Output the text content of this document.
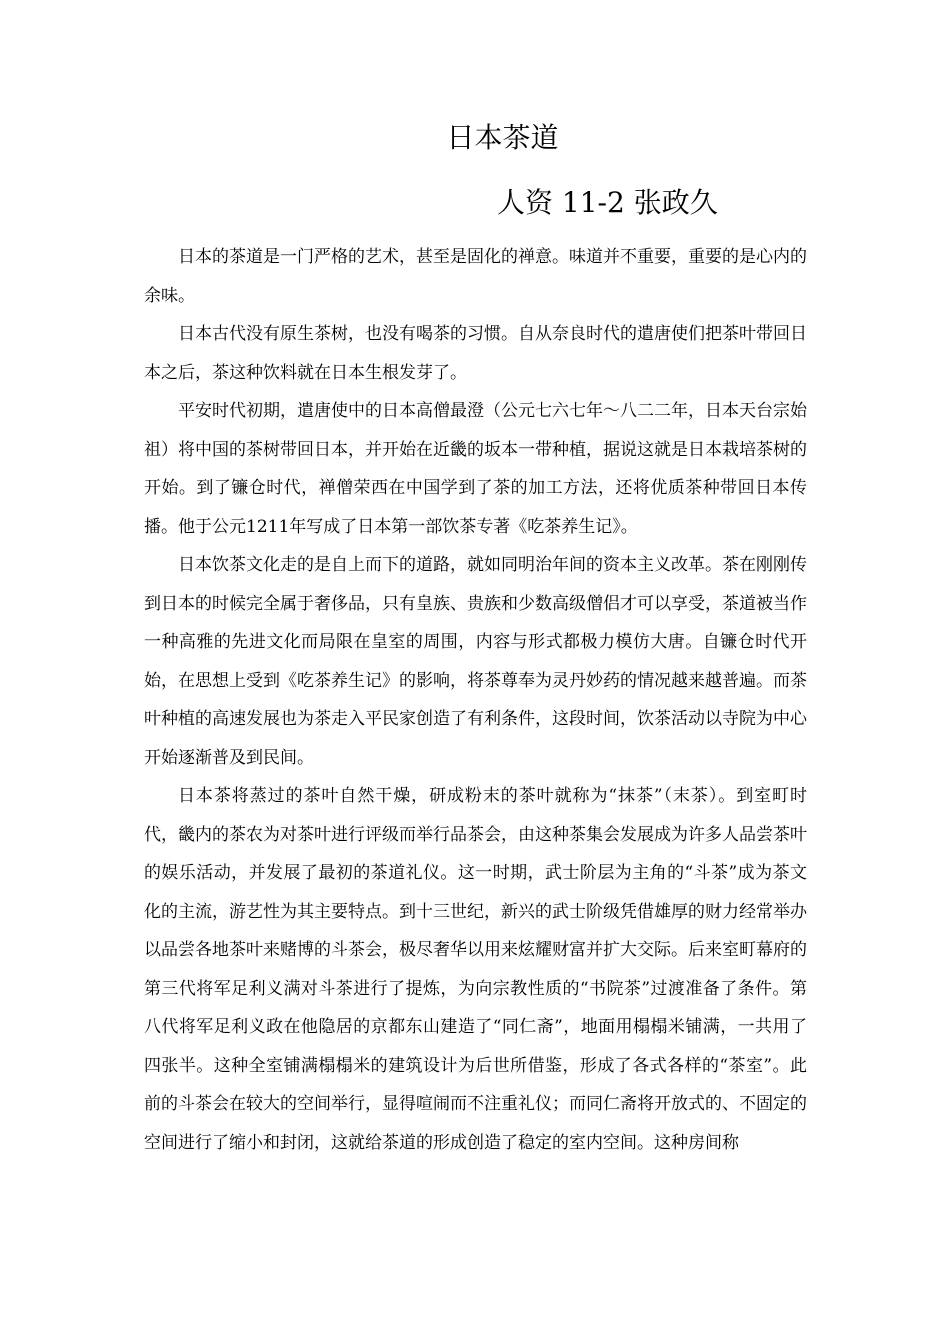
日本茶道
人资 11-2 张政久

日本的茶道是一门严格的艺术，甚至是固化的禅意。味道并不重要，重要的是心内的余味。

日本古代没有原生茶树，也没有喝茶的习惯。自从奈良时代的遣唐使们把茶叶带回日本之后，茶这种饮料就在日本生根发芽了。

平安时代初期，遣唐使中的日本高僧最澄（公元七六七年～八二二年，日本天台宗始祖）将中国的茶树带回日本，并开始在近畿的坂本一带种植，据说这就是日本栽培茶树的开始。到了镰仓时代，禅僧荣西在中国学到了茶的加工方法，还将优质茶种带回日本传播。他于公元1211年写成了日本第一部饮茶专著《吃茶养生记》。

日本饮茶文化走的是自上而下的道路，就如同明治年间的资本主义改革。茶在刚刚传到日本的时候完全属于奢侈品，只有皇族、贵族和少数高级僧侣才可以享受，茶道被当作一种高雅的先进文化而局限在皇室的周围，内容与形式都极力模仿大唐。自镰仓时代开始，在思想上受到《吃茶养生记》的影响，将茶尊奉为灵丹妙药的情况越来越普遍。而茶叶种植的高速发展也为茶走入平民家创造了有利条件，这段时间，饮茶活动以寺院为中心开始逐渐普及到民间。

日本茶将蒸过的茶叶自然干燥，研成粉末的茶叶就称为“抹茶”（末茶）。到室町时代，畿内的茶农为对茶叶进行评级而举行品茶会，由这种茶集会发展成为许多人品尝茶叶的娱乐活动，并发展了最初的茶道礼仪。这一时期，武士阶层为主角的“斗茶”成为茶文化的主流，游艺性为其主要特点。到十三世纪，新兴的武士阶级凭借雄厚的财力经常举办以品尝各地茶叶来赌博的斗茶会，极尽奢华以用来炫耀财富并扩大交际。后来室町幕府的第三代将军足利义满对斗茶进行了提炼，为向宗教性质的“书院茶”过渡准备了条件。第八代将军足利义政在他隐居的京都东山建造了“同仁斋”，地面用榻榻米铺满，一共用了四张半。这种全室铺满榻榻米的建筑设计为后世所借鉴，形成了各式各样的“茶室”。此前的斗茶会在较大的空间举行，显得喧闹而不注重礼仪；而同仁斋将开放式的、不固定的空间进行了缩小和封闭，这就给茶道的形成创造了稳定的室内空间。这种房间称
